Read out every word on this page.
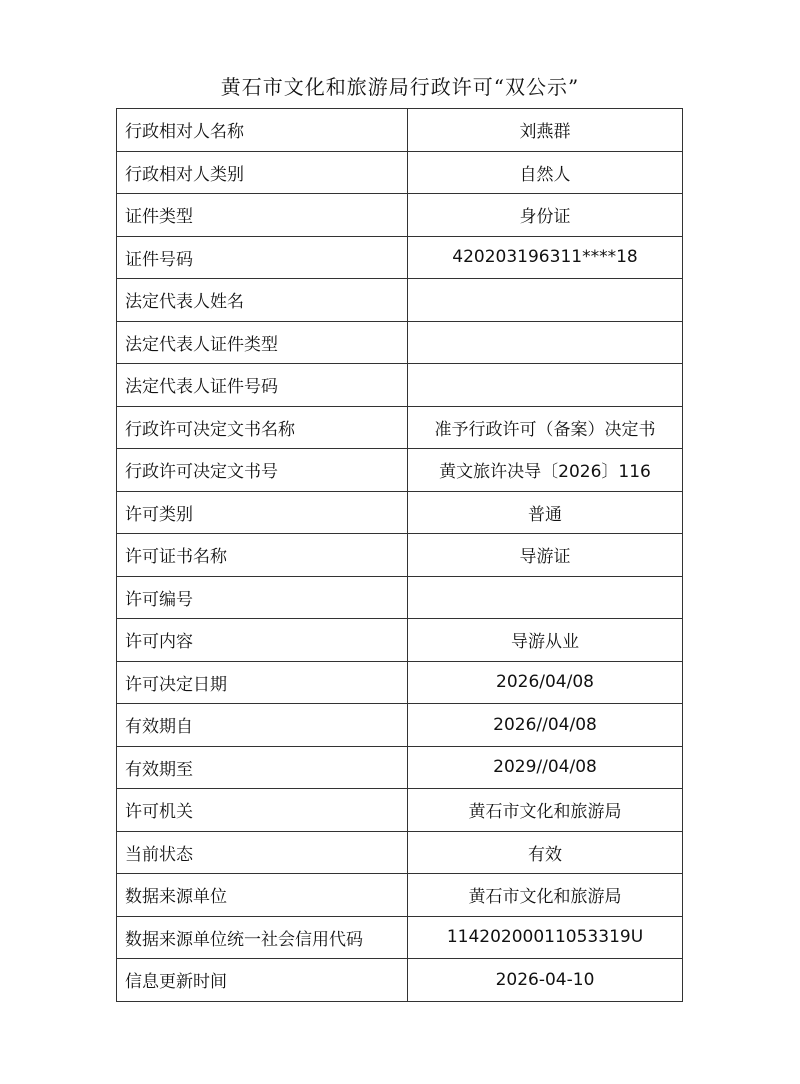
黄石市文化和旅游局行政许可“双公示”
行政相对人名称	刘燕群
行政相对人类别	自然人
证件类型	身份证
证件号码	420203196311****18
法定代表人姓名	
法定代表人证件类型	
法定代表人证件号码	
行政许可决定文书名称	准予行政许可（备案）决定书
行政许可决定文书号	黄文旅许决导〔2026〕116
许可类别	普通
许可证书名称	导游证
许可编号	
许可内容	导游从业
许可决定日期	2026/04/08
有效期自	2026//04/08
有效期至	2029//04/08
许可机关	黄石市文化和旅游局
当前状态	有效
数据来源单位	黄石市文化和旅游局
数据来源单位统一社会信用代码	11420200011053319U
信息更新时间	2026-04-10
